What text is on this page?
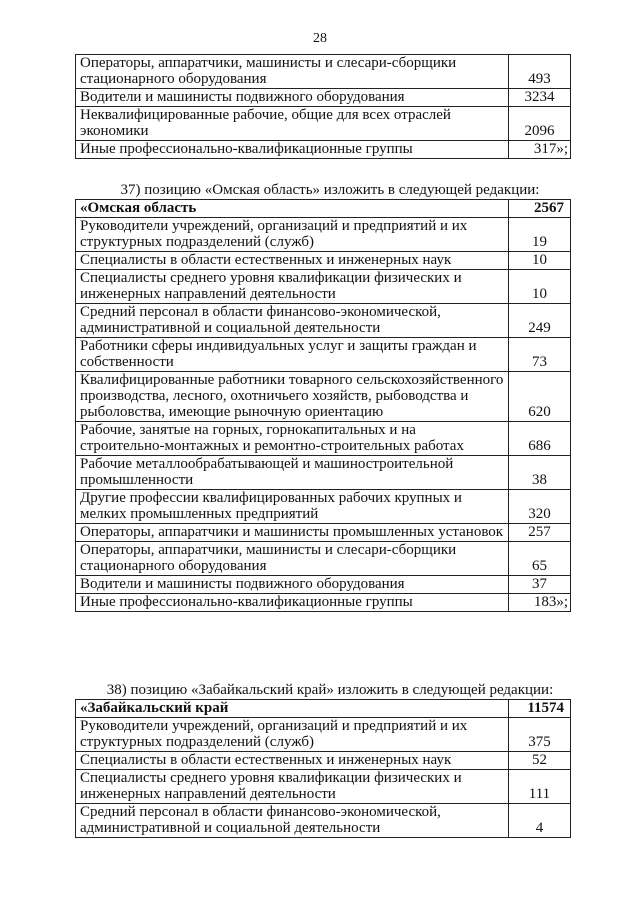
28
Операторы, аппаратчики, машинисты и слесари-сборщики стационарного оборудования	493
Водители и машинисты подвижного оборудования	3234
Неквалифицированные рабочие, общие для всех отраслей экономики	2096
Иные профессионально-квалификационные группы	317»;
37) позицию «Омская область» изложить в следующей редакции:
«Омская область	2567
Руководители учреждений, организаций и предприятий и их структурных подразделений (служб)	19
Специалисты в области естественных и инженерных наук	10
Специалисты среднего уровня квалификации физических и инженерных направлений деятельности	10
Средний персонал в области финансово-экономической, административной и социальной деятельности	249
Работники сферы индивидуальных услуг и защиты граждан и собственности	73
Квалифицированные работники товарного сельскохозяйственного производства, лесного, охотничьего хозяйств, рыбоводства и рыболовства, имеющие рыночную ориентацию	620
Рабочие, занятые на горных, горнокапитальных и на строительно-монтажных и ремонтно-строительных работах	686
Рабочие металлообрабатывающей и машиностроительной промышленности	38
Другие профессии квалифицированных рабочих крупных и мелких промышленных предприятий	320
Операторы, аппаратчики и машинисты промышленных установок	257
Операторы, аппаратчики, машинисты и слесари-сборщики стационарного оборудования	65
Водители и машинисты подвижного оборудования	37
Иные профессионально-квалификационные группы	183»;
38) позицию «Забайкальский край» изложить в следующей редакции:
«Забайкальский край	11574
Руководители учреждений, организаций и предприятий и их структурных подразделений (служб)	375
Специалисты в области естественных и инженерных наук	52
Специалисты среднего уровня квалификации физических и инженерных направлений деятельности	111
Средний персонал в области финансово-экономической, административной и социальной деятельности	4
